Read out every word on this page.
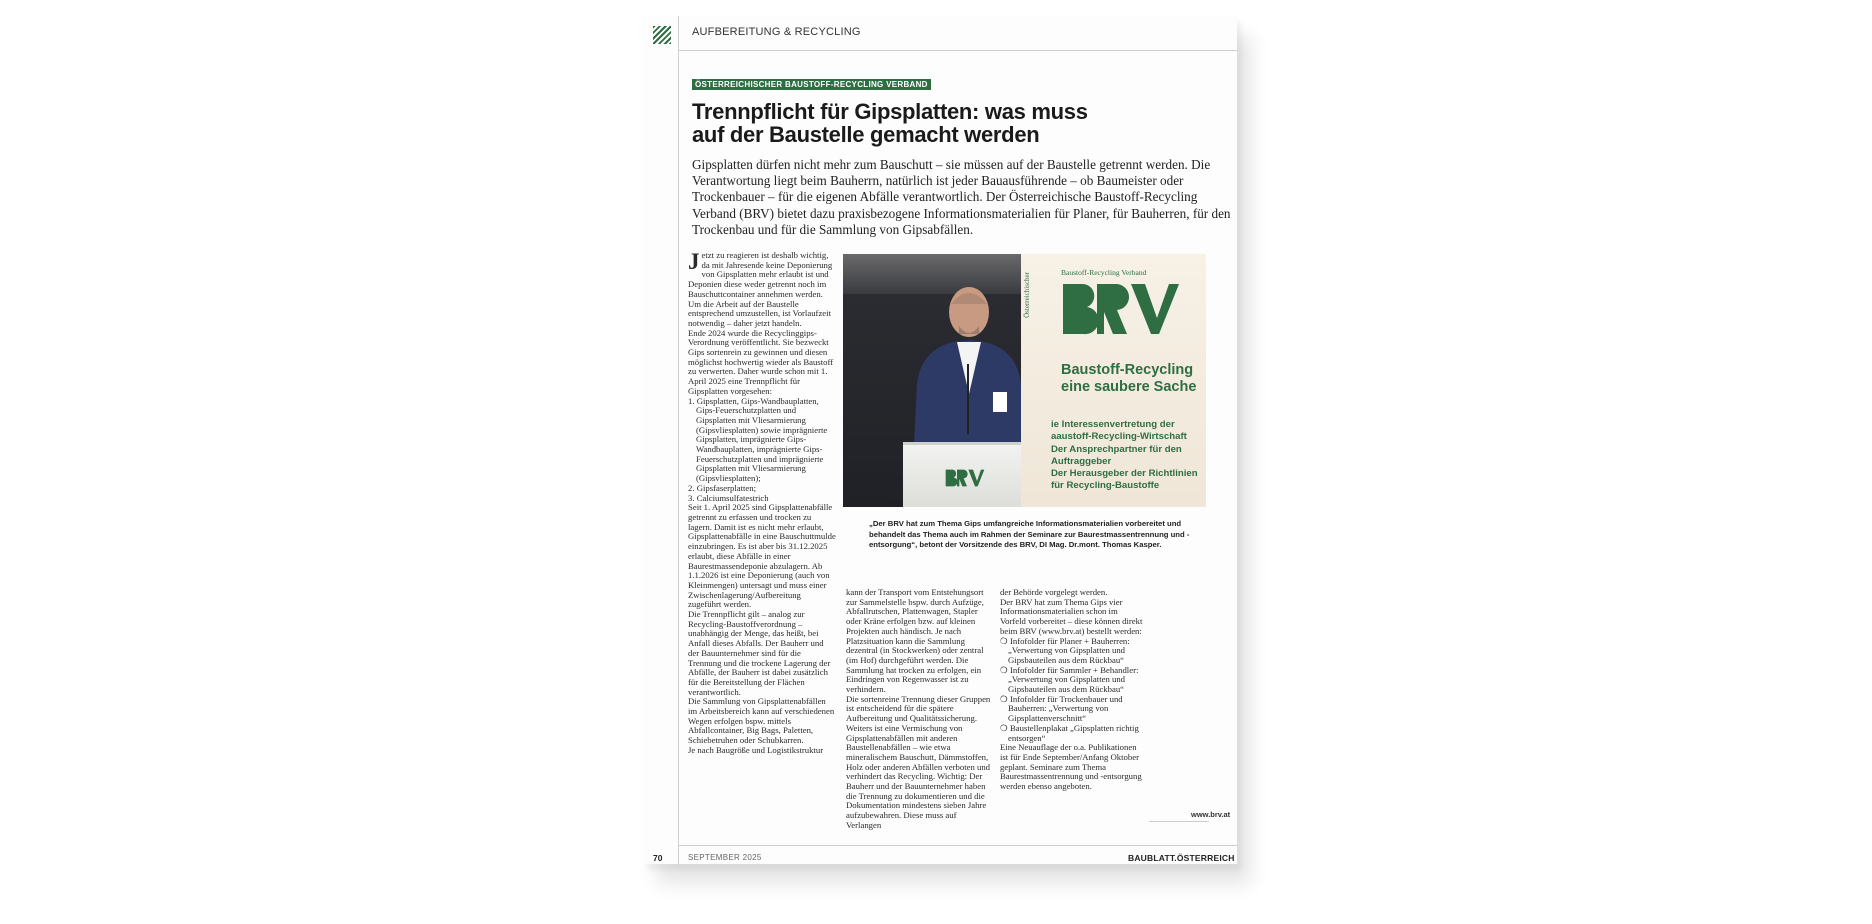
AUFBEREITUNG & RECYCLING
ÖSTERREICHISCHER BAUSTOFF-RECYCLING VERBAND
Trennpflicht für Gipsplatten: was muss
auf der Baustelle gemacht werden
Gipsplatten dürfen nicht mehr zum Bauschutt – sie müssen auf der Baustelle getrennt werden. Die Verantwortung liegt beim Bauherrn, natürlich ist jeder Bauausführende – ob Baumeister oder Trockenbauer – für die eigenen Abfälle verantwortlich. Der Österreichische Baustoff-Recycling Verband (BRV) bietet dazu praxisbezogene Informationsmaterialien für Planer, für Bauherren, für den Trockenbau und für die Sammlung von Gipsabfällen.

Jetzt zu reagieren ist deshalb wichtig, da mit Jahresende keine Deponierung von Gipsplatten mehr erlaubt ist und Deponien diese weder getrennt noch im Bauschuttcontainer annehmen werden. Um die Arbeit auf der Baustelle entsprechend umzustellen, ist Vorlaufzeit notwendig – daher jetzt handeln.

Ende 2024 wurde die Recyclinggips-Verordnung veröffentlicht. Sie bezweckt Gips sortenrein zu gewinnen und diesen möglichst hochwertig wieder als Baustoff zu verwerten. Daher wurde schon mit 1. April 2025 eine Trennpflicht für Gipsplatten vorgesehen:

1. Gipsplatten, Gips-Wandbauplatten, Gips-Feuerschutzplatten und Gipsplatten mit Vliesarmierung (Gipsvliesplatten) sowie imprägnierte Gipsplatten, imprägnierte Gips-Wandbauplatten, imprägnierte Gips-Feuerschutzplatten und imprägnierte Gipsplatten mit Vliesarmierung (Gipsvliesplatten);

2. Gipsfaserplatten;

3. Calciumsulfatestrich

Seit 1. April 2025 sind Gipsplattenabfälle getrennt zu erfassen und trocken zu lagern. Damit ist es nicht mehr erlaubt, Gipsplattenabfälle in eine Bauschuttmulde einzubringen. Es ist aber bis 31.12.2025 erlaubt, diese Abfälle in einer Baurestmassendeponie abzulagern. Ab 1.1.2026 ist eine Deponierung (auch von Kleinmengen) untersagt und muss einer Zwischenlagerung/Aufbereitung zugeführt werden.

Die Trennpflicht gilt – analog zur Recycling-Baustoffverordnung – unabhängig der Menge, das heißt, bei Anfall dieses Abfalls. Der Bauherr und der Bauunternehmer sind für die Trennung und die trockene Lagerung der Abfälle, der Bauherr ist dabei zusätzlich für die Bereitstellung der Flächen verantwortlich.

Die Sammlung von Gipsplattenabfällen im Arbeitsbereich kann auf verschiedenen Wegen erfolgen bspw. mittels Abfallcontainer, Big Bags, Paletten, Schiebetruhen oder Schubkarren.

Je nach Baugröße und Logistikstruktur

Österreichischer	Baustoff-Recycling Verband
Baustoff-Recycling
eine saubere Sache
ie Interessenvertretung der
aaustoff-Recycling-Wirtschaft
Der Ansprechpartner für den
Auftraggeber
Der Herausgeber der Richtlinien
für Recycling-Baustoffe
„Der BRV hat zum Thema Gips umfangreiche Informationsmaterialien vorbereitet und behandelt das Thema auch im Rahmen der Seminare zur Baurestmassentrennung und -entsorgung“, betont der Vorsitzende des BRV, DI Mag. Dr.mont. Thomas Kasper.

kann der Transport vom Entstehungsort zur Sammelstelle bspw. durch Aufzüge, Abfallrutschen, Plattenwagen, Stapler oder Kräne erfolgen bzw. auf kleinen Projekten auch händisch. Je nach Platzsituation kann die Sammlung dezentral (in Stockwerken) oder zentral (im Hof) durchgeführt werden. Die Sammlung hat trocken zu erfolgen, ein Eindringen von Regenwasser ist zu verhindern.

Die sortenreine Trennung dieser Gruppen ist entscheidend für die spätere Aufbereitung und Qualitätssicherung. Weiters ist eine Vermischung von Gipsplattenabfällen mit anderen Baustellenabfällen – wie etwa mineralischem Bauschutt, Dämmstoffen, Holz oder anderen Abfällen verboten und verhindert das Recycling. Wichtig: Der Bauherr und der Bauunternehmer haben die Trennung zu dokumentieren und die Dokumentation mindestens sieben Jahre aufzubewahren. Diese muss auf Verlangen

der Behörde vorgelegt werden.

Der BRV hat zum Thema Gips vier Informationsmaterialien schon im Vorfeld vorbereitet – diese können direkt beim BRV (www.brv.at) bestellt werden:

❍ Infofolder für Planer + Bauherren: „Verwertung von Gipsplatten und Gipsbauteilen aus dem Rückbau“

❍ Infofolder für Sammler + Behandler: „Verwertung von Gipsplatten und Gipsbauteilen aus dem Rückbau“

❍ Infofolder für Trockenbauer und Bauherren: „Verwertung von Gipsplattenverschnitt“

❍ Baustellenplakat „Gipsplatten richtig entsorgen“

Eine Neuauflage der o.a. Publikationen ist für Ende September/Anfang Oktober geplant. Seminare zum Thema Baurestmassentrennung und -entsorgung werden ebenso angeboten.

www.brv.at
70	SEPTEMBER 2025	BAUBLATT.ÖSTERREICH
